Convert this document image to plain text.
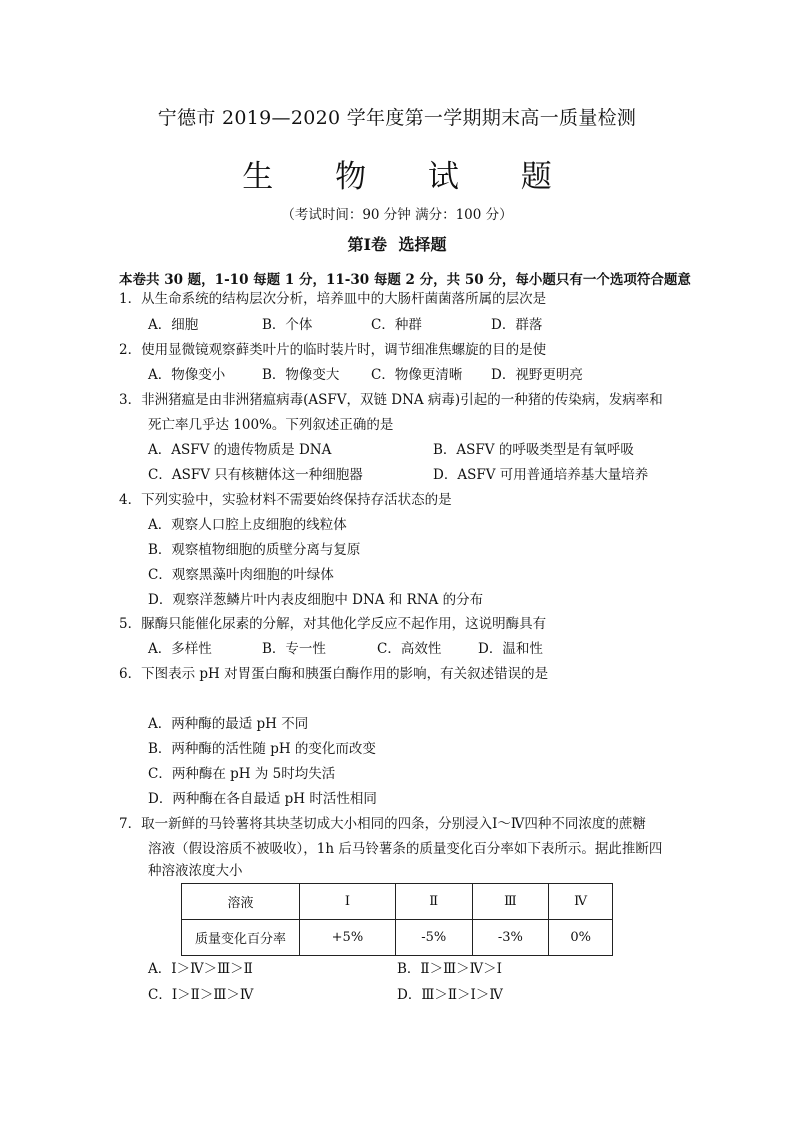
宁德市 2019—2020 学年度第一学期期末高一质量检测
生 物 试 题
（考试时间：90 分钟 满分：100 分）
第Ⅰ卷 选择题
本卷共 30 题，1-10 每题 1 分，11-30 每题 2 分，共 50 分，每小题只有一个选项符合题意
1．从生命系统的结构层次分析，培养皿中的大肠杆菌菌落所属的层次是
A．细胞	B．个体	C．种群	D．群落
2．使用显微镜观察藓类叶片的临时装片时，调节细准焦螺旋的目的是使
A．物像变小	B．物像变大 C．物像更清晰 D．视野更明亮
3．非洲猪瘟是由非洲猪瘟病毒(ASFV，双链 DNA 病毒)引起的一种猪的传染病，发病率和
死亡率几乎达 100%。下列叙述正确的是
A．ASFV 的遗传物质是 DNA	B．ASFV 的呼吸类型是有氧呼吸
C．ASFV 只有核糖体这一种细胞器	D．ASFV 可用普通培养基大量培养
4．下列实验中，实验材料不需要始终保持存活状态的是
A．观察人口腔上皮细胞的线粒体
B．观察植物细胞的质壁分离与复原
C．观察黑藻叶肉细胞的叶绿体
D．观察洋葱鳞片叶内表皮细胞中 DNA 和 RNA 的分布
5．脲酶只能催化尿素的分解，对其他化学反应不起作用，这说明酶具有
A．多样性	B．专一性	C．高效性	D．温和性
6．下图表示 pH 对胃蛋白酶和胰蛋白酶作用的影响，有关叙述错误的是
A．两种酶的最适 pH 不同
B．两种酶的活性随 pH 的变化而改变
C．两种酶在 pH 为 5时均失活
D．两种酶在各自最适 pH 时活性相同
7．取一新鲜的马铃薯将其块茎切成大小相同的四条，分别浸入Ⅰ～Ⅳ四种不同浓度的蔗糖
溶液（假设溶质不被吸收），1h 后马铃薯条的质量变化百分率如下表所示。据此推断四
种溶液浓度大小
溶液	Ⅰ	Ⅱ	Ⅲ	Ⅳ
质量变化百分率	+5%	-5%	-3%	0%
A．Ⅰ＞Ⅳ＞Ⅲ＞Ⅱ	B．Ⅱ＞Ⅲ＞Ⅳ＞Ⅰ
C．Ⅰ＞Ⅱ＞Ⅲ＞Ⅳ	D．Ⅲ＞Ⅱ＞Ⅰ＞Ⅳ
